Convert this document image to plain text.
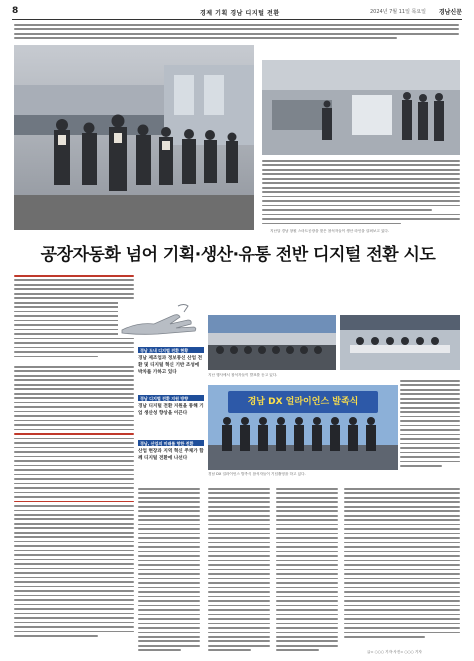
8	경제 기획 경남 디지털 전환	2024년 7월 11일 목요일 경남신문
지난달 경남 창원 스마트공장을 찾은 참석자들이 생산 라인을 살펴보고 있다.
공장자동화 넘어 기획·생산·유통 전반 디지털 전환 시도
경남 도내 디지털 전환 현황
경남 제조업과 정보통신 산업 전환 및 디지털 혁신 기반 조성에 박차를 가하고 있다
경남 디지털 전환 지원 방향
경남 디지털 전환 지원을 통해 기업 생산성 향상을 이끈다
경남, 산업의 미래를 향한 전환
산업 현장과 지역 혁신 주체가 함께 디지털 전환에 나선다
지난 행사에서 참석자들이 발표를 듣고 있다.
경남 DX 얼라이언스 발족식
경남 DX 얼라이언스 발족식 참석자들이 기념촬영을 하고 있다.
글= ○○○ 기자·사진= ○○○ 기자
